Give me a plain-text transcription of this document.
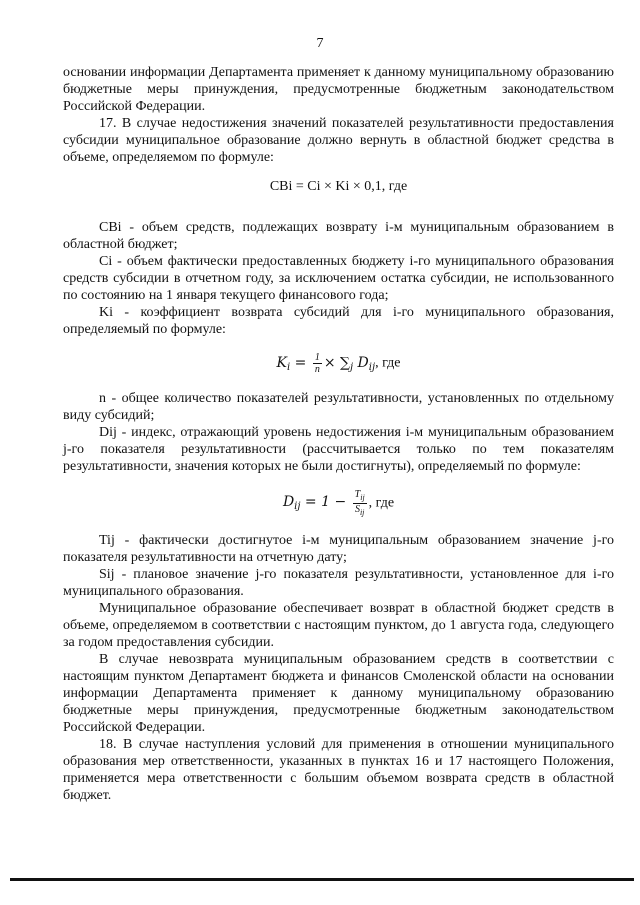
7

основании информации Департамента применяет к данному муниципальному образованию бюджетные меры принуждения, предусмотренные бюджетным законодательством Российской Федерации.

17. В случае недостижения значений показателей результативности предоставления субсидии муниципальное образование должно вернуть в областной бюджет средства в объеме, определяемом по формуле:

СВi = Ci × Ki × 0,1, где

СВi - объем средств, подлежащих возврату i-м муниципальным образованием в областной бюджет;

Ci - объем фактически предоставленных бюджету i-го муниципального образования средств субсидии в отчетном году, за исключением остатка субсидии, не использованного по состоянию на 1 января текущего финансового года;

Ki - коэффициент возврата субсидий для i-го муниципального образования, определяемый по формуле:

$K_i = \frac{1}{n} \times \sum_j$ $D_{ij}$, где

n - общее количество показателей результативности, установленных по отдельному виду субсидий;

Dij - индекс, отражающий уровень недостижения i-м муниципальным образованием j-го показателя результативности (рассчитывается только по тем показателям результативности, значения которых не были достигнуты), определяемый по формуле:

$D_{ij} = 1 - \frac{T_{ij}}{S_{ij}}$ , где

Tij - фактически достигнутое i-м муниципальным образованием значение j-го показателя результативности на отчетную дату;

Sij - плановое значение j-го показателя результативности, установленное для i-го муниципального образования.

Муниципальное образование обеспечивает возврат в областной бюджет средств в объеме, определяемом в соответствии с настоящим пунктом, до 1 августа года, следующего за годом предоставления субсидии.

В случае невозврата муниципальным образованием средств в соответствии с настоящим пунктом Департамент бюджета и финансов Смоленской области на основании информации Департамента применяет к данному муниципальному образованию бюджетные меры принуждения, предусмотренные бюджетным законодательством Российской Федерации.

18. В случае наступления условий для применения в отношении муниципального образования мер ответственности, указанных в пунктах 16 и 17 настоящего Положения, применяется мера ответственности с большим объемом возврата средств в областной бюджет.
